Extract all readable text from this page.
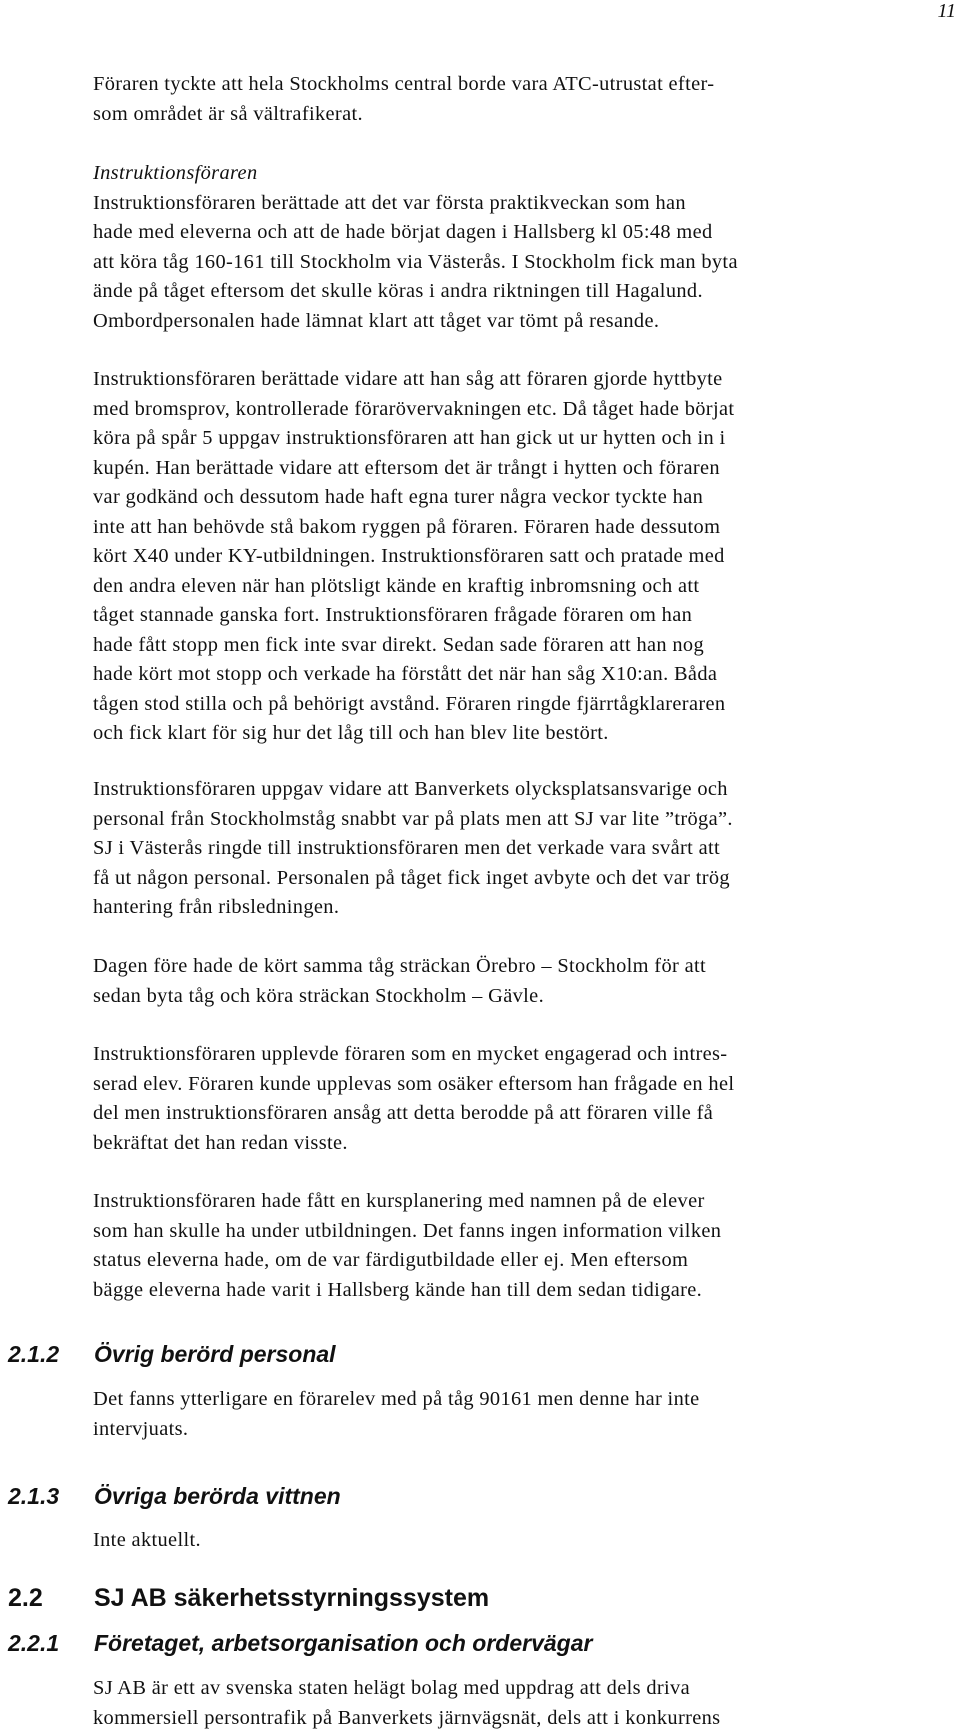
11

Föraren tyckte att hela Stockholms central borde vara ATC-utrustat efter-
som området är så vältrafikerat.

Instruktionsföraren
Instruktionsföraren berättade att det var första praktikveckan som han
hade med eleverna och att de hade börjat dagen i Hallsberg kl 05:48 med
att köra tåg 160-161 till Stockholm via Västerås. I Stockholm fick man byta
ände på tåget eftersom det skulle köras i andra riktningen till Hagalund.
Ombordpersonalen hade lämnat klart att tåget var tömt på resande.

Instruktionsföraren berättade vidare att han såg att föraren gjorde hyttbyte
med bromsprov, kontrollerade förarövervakningen etc. Då tåget hade börjat
köra på spår 5 uppgav instruktionsföraren att han gick ut ur hytten och in i
kupén. Han berättade vidare att eftersom det är trångt i hytten och föraren
var godkänd och dessutom hade haft egna turer några veckor tyckte han
inte att han behövde stå bakom ryggen på föraren. Föraren hade dessutom
kört X40 under KY-utbildningen. Instruktionsföraren satt och pratade med
den andra eleven när han plötsligt kände en kraftig inbromsning och att
tåget stannade ganska fort. Instruktionsföraren frågade föraren om han
hade fått stopp men fick inte svar direkt. Sedan sade föraren att han nog
hade kört mot stopp och verkade ha förstått det när han såg X10:an. Båda
tågen stod stilla och på behörigt avstånd. Föraren ringde fjärrtågklareraren
och fick klart för sig hur det låg till och han blev lite bestört.

Instruktionsföraren uppgav vidare att Banverkets olycksplatsansvarige och
personal från Stockholmståg snabbt var på plats men att SJ var lite ”tröga”.
SJ i Västerås ringde till instruktionsföraren men det verkade vara svårt att
få ut någon personal. Personalen på tåget fick inget avbyte och det var trög
hantering från ribsledningen.

Dagen före hade de kört samma tåg sträckan Örebro – Stockholm för att
sedan byta tåg och köra sträckan Stockholm – Gävle.

Instruktionsföraren upplevde föraren som en mycket engagerad och intres-
serad elev. Föraren kunde upplevas som osäker eftersom han frågade en hel
del men instruktionsföraren ansåg att detta berodde på att föraren ville få
bekräftat det han redan visste.

Instruktionsföraren hade fått en kursplanering med namnen på de elever
som han skulle ha under utbildningen. Det fanns ingen information vilken
status eleverna hade, om de var färdigutbildade eller ej. Men eftersom
bägge eleverna hade varit i Hallsberg kände han till dem sedan tidigare.

2.1.2 Övrig berörd personal

Det fanns ytterligare en förarelev med på tåg 90161 men denne har inte
intervjuats.

2.1.3 Övriga berörda vittnen

Inte aktuellt.

2.2 SJ AB säkerhetsstyrningssystem
2.2.1 Företaget, arbetsorganisation och ordervägar

SJ AB är ett av svenska staten helägt bolag med uppdrag att dels driva
kommersiell persontrafik på Banverkets järnvägsnät, dels att i konkurrens
